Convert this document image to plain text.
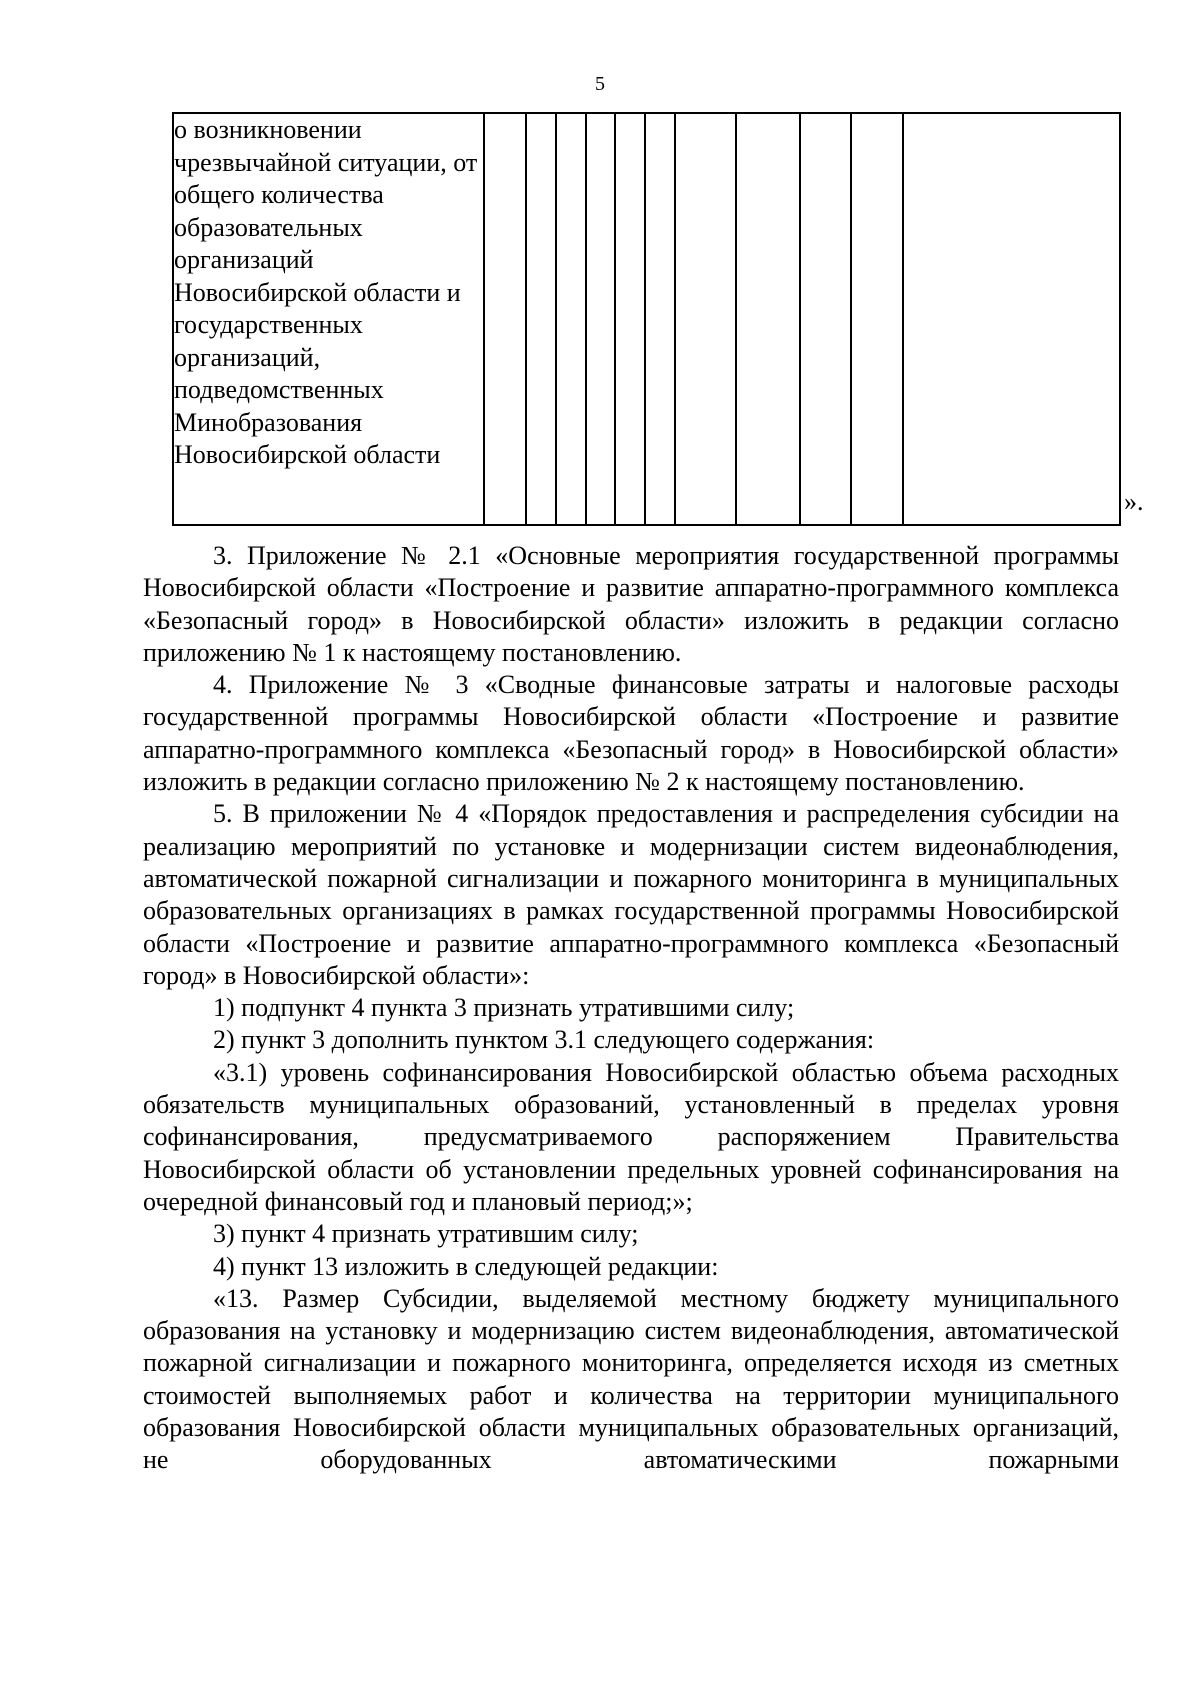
5
о возникновении чрезвычайной ситуации, от общего количества образовательных организаций Новосибирской области и государственных организаций, подведомственных Минобразования Новосибирской области											
».

3. Приложение № 2.1 «Основные мероприятия государственной программы Новосибирской области «Построение и развитие аппаратно-программного комплекса «Безопасный город» в Новосибирской области» изложить в редакции согласно приложению № 1 к настоящему постановлению.

4. Приложение № 3 «Сводные финансовые затраты и налоговые расходы государственной программы Новосибирской области «Построение и развитие аппаратно-программного комплекса «Безопасный город» в Новосибирской области» изложить в редакции согласно приложению № 2 к настоящему постановлению.

5. В приложении № 4 «Порядок предоставления и распределения субсидии на реализацию мероприятий по установке и модернизации систем видеонаблюдения, автоматической пожарной сигнализации и пожарного мониторинга в муниципальных образовательных организациях в рамках государственной программы Новосибирской области «Построение и развитие аппаратно-программного комплекса «Безопасный город» в Новосибирской области»:

1) подпункт 4 пункта 3 признать утратившими силу;

2) пункт 3 дополнить пунктом 3.1 следующего содержания:

«3.1) уровень софинансирования Новосибирской областью объема расходных обязательств муниципальных образований, установленный в пределах уровня софинансирования, предусматриваемого распоряжением Правительства Новосибирской области об установлении предельных уровней софинансирования на очередной финансовый год и плановый период;»;

3) пункт 4 признать утратившим силу;

4) пункт 13 изложить в следующей редакции:

«13. Размер Субсидии, выделяемой местному бюджету муниципального образования на установку и модернизацию систем видеонаблюдения, автоматической пожарной сигнализации и пожарного мониторинга, определяется исходя из сметных стоимостей выполняемых работ и количества на территории муниципального образования Новосибирской области муниципальных образовательных организаций, не оборудованных автоматическими пожарными
